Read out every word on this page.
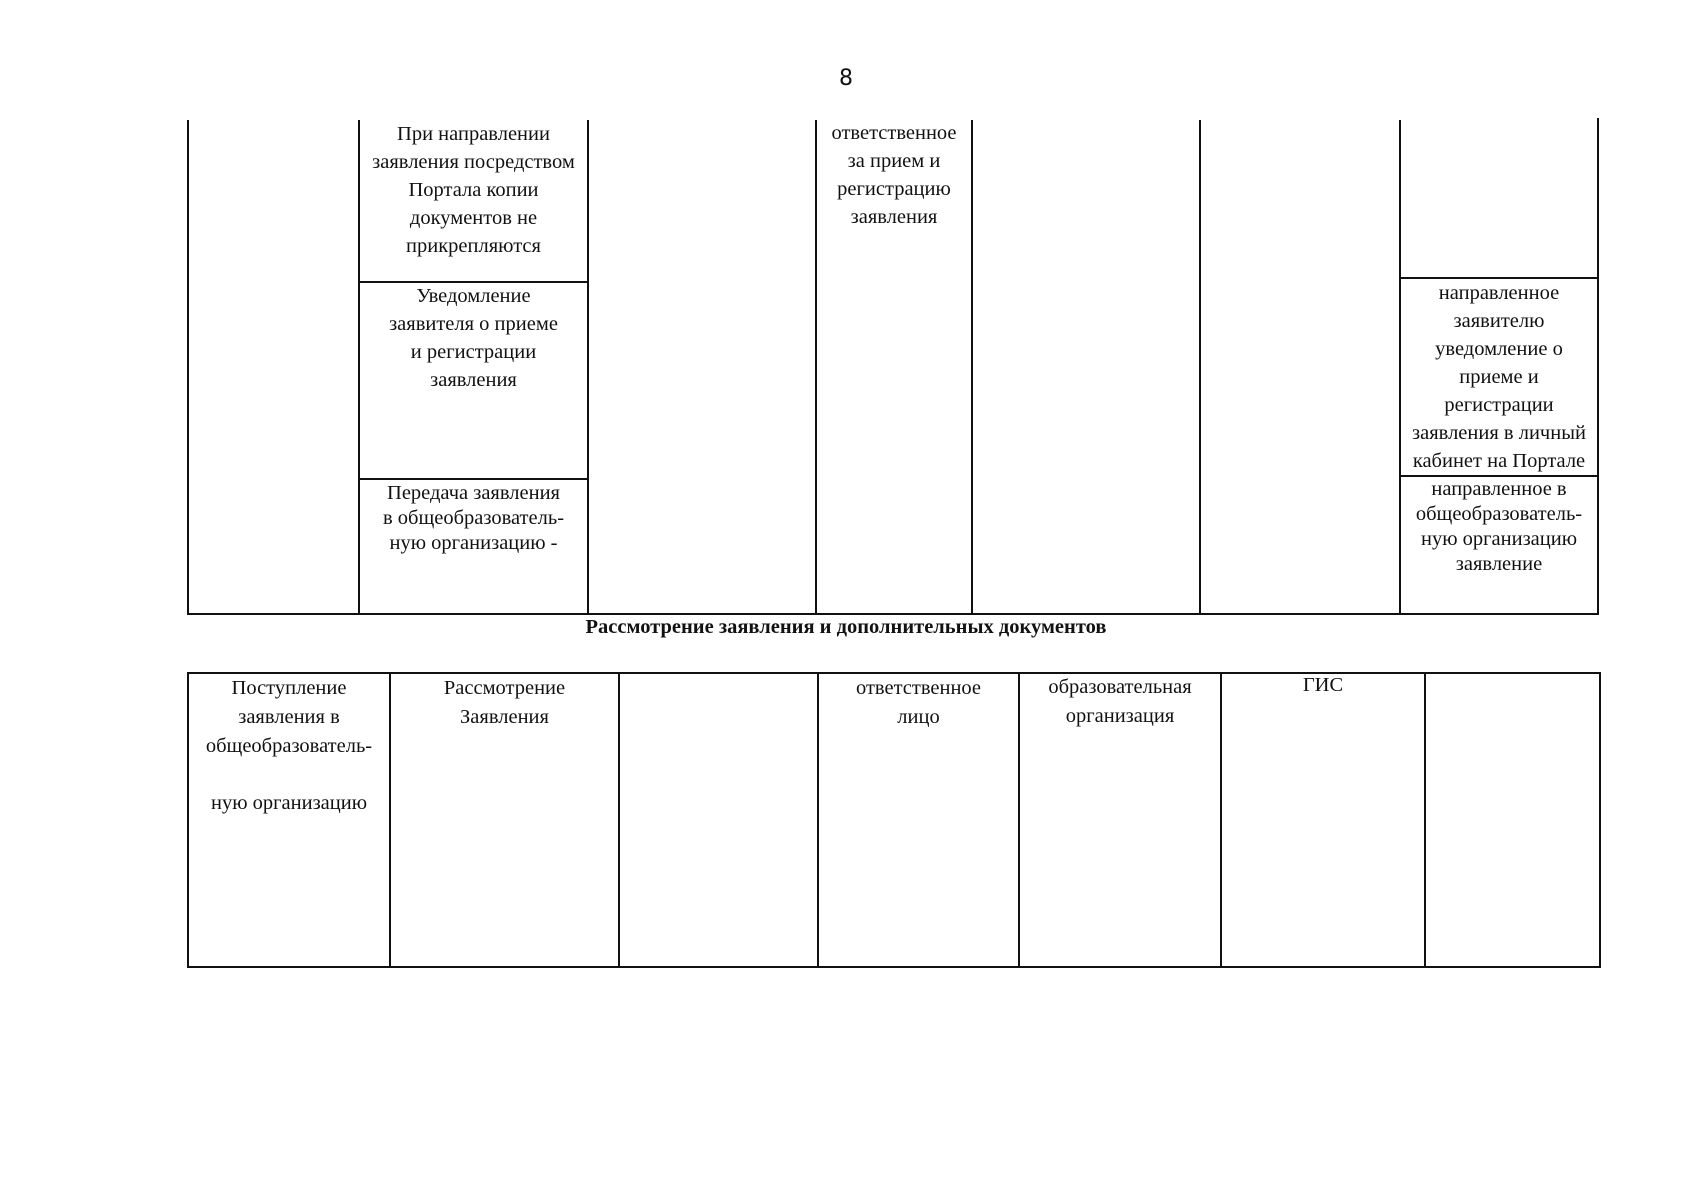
8
При направлении
заявления посредством
Портала копии
документов не
прикрепляются
ответственное
за прием и
регистрацию
заявления
Уведомление
заявителя о приеме
и регистрации
заявления
направленное
заявителю
уведомление о
приеме и
регистрации
заявления в личный
кабинет на Портале
Передача заявления
в общеобразователь-
ную организацию -
направленное в
общеобразователь-
ную организацию
заявление
Рассмотрение заявления и дополнительных документов
Поступление
заявления в
общеобразователь-
ную организацию
Рассмотрение
Заявления
ответственное
лицо
образовательная
организация
ГИС
